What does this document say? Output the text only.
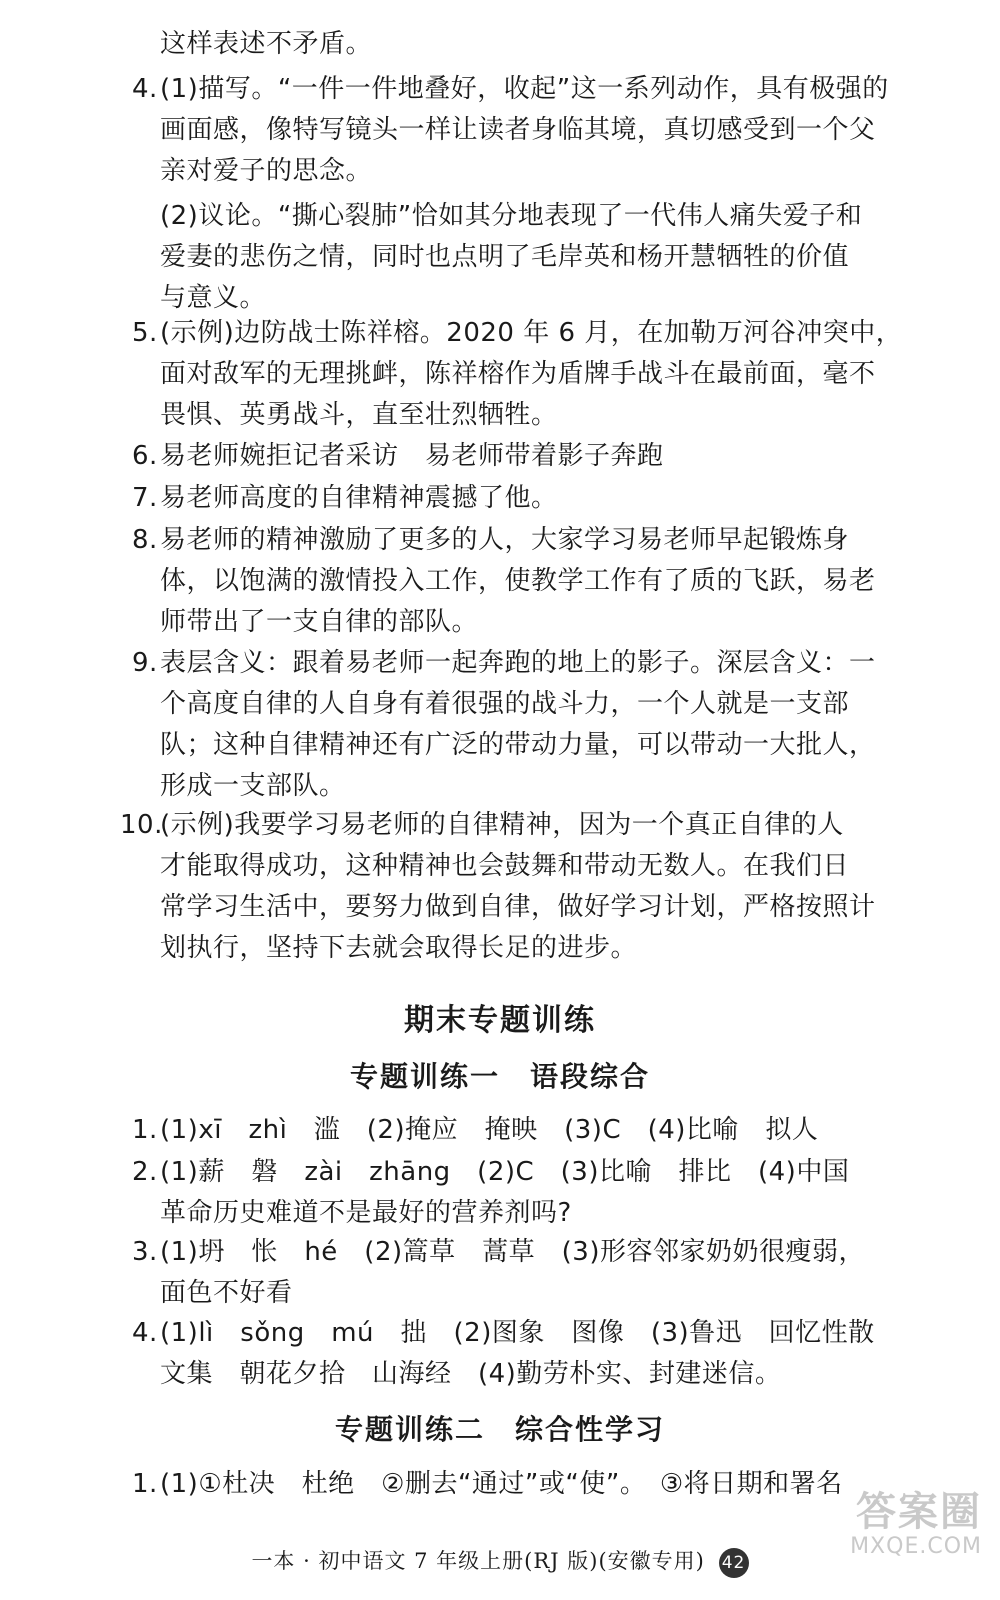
这样表述不矛盾。
4. (1)描写。“一件一件地叠好，收起”这一系列动作，具有极强的
画面感，像特写镜头一样让读者身临其境，真切感受到一个父
亲对爱子的思念。
(2)议论。“撕心裂肺”恰如其分地表现了一代伟人痛失爱子和
爱妻的悲伤之情，同时也点明了毛岸英和杨开慧牺牲的价值
与意义。
5. (示例)边防战士陈祥榕。2020 年 6 月，在加勒万河谷冲突中，
面对敌军的无理挑衅，陈祥榕作为盾牌手战斗在最前面，毫不
畏惧、英勇战斗，直至壮烈牺牲。
6. 易老师婉拒记者采访　易老师带着影子奔跑
7. 易老师高度的自律精神震撼了他。
8. 易老师的精神激励了更多的人，大家学习易老师早起锻炼身
体，以饱满的激情投入工作，使教学工作有了质的飞跃，易老
师带出了一支自律的部队。
9. 表层含义：跟着易老师一起奔跑的地上的影子。深层含义：一
个高度自律的人自身有着很强的战斗力，一个人就是一支部
队；这种自律精神还有广泛的带动力量，可以带动一大批人，
形成一支部队。
10.
(示例)我要学习易老师的自律精神，因为一个真正自律的人
才能取得成功，这种精神也会鼓舞和带动无数人。在我们日
常学习生活中，要努力做到自律，做好学习计划，严格按照计
划执行，坚持下去就会取得长足的进步。
期末专题训练
专题训练一　语段综合
1. (1)xī　zhì　滥　(2)掩应　掩映　(3)C　(4)比喻　拟人
2. (1)薪　磐　zài　zhāng　(2)C　(3)比喻　排比　(4)中国
革命历史难道不是最好的营养剂吗?
3. (1)坍　怅　hé　(2)篙草　蒿草　(3)形容邻家奶奶很瘦弱，
面色不好看
4. (1)lì　sǒng　mú　拙　(2)图象　图像　(3)鲁迅　回忆性散
文集　朝花夕拾　山海经　(4)勤劳朴实、封建迷信。
专题训练二　综合性学习
1. (1)①杜决　杜绝　②删去“通过”或“使”。　③将日期和署名
一本 · 初中语文 7 年级上册(RJ 版)(安徽专用) 42
答案圈
MXQE.COM
